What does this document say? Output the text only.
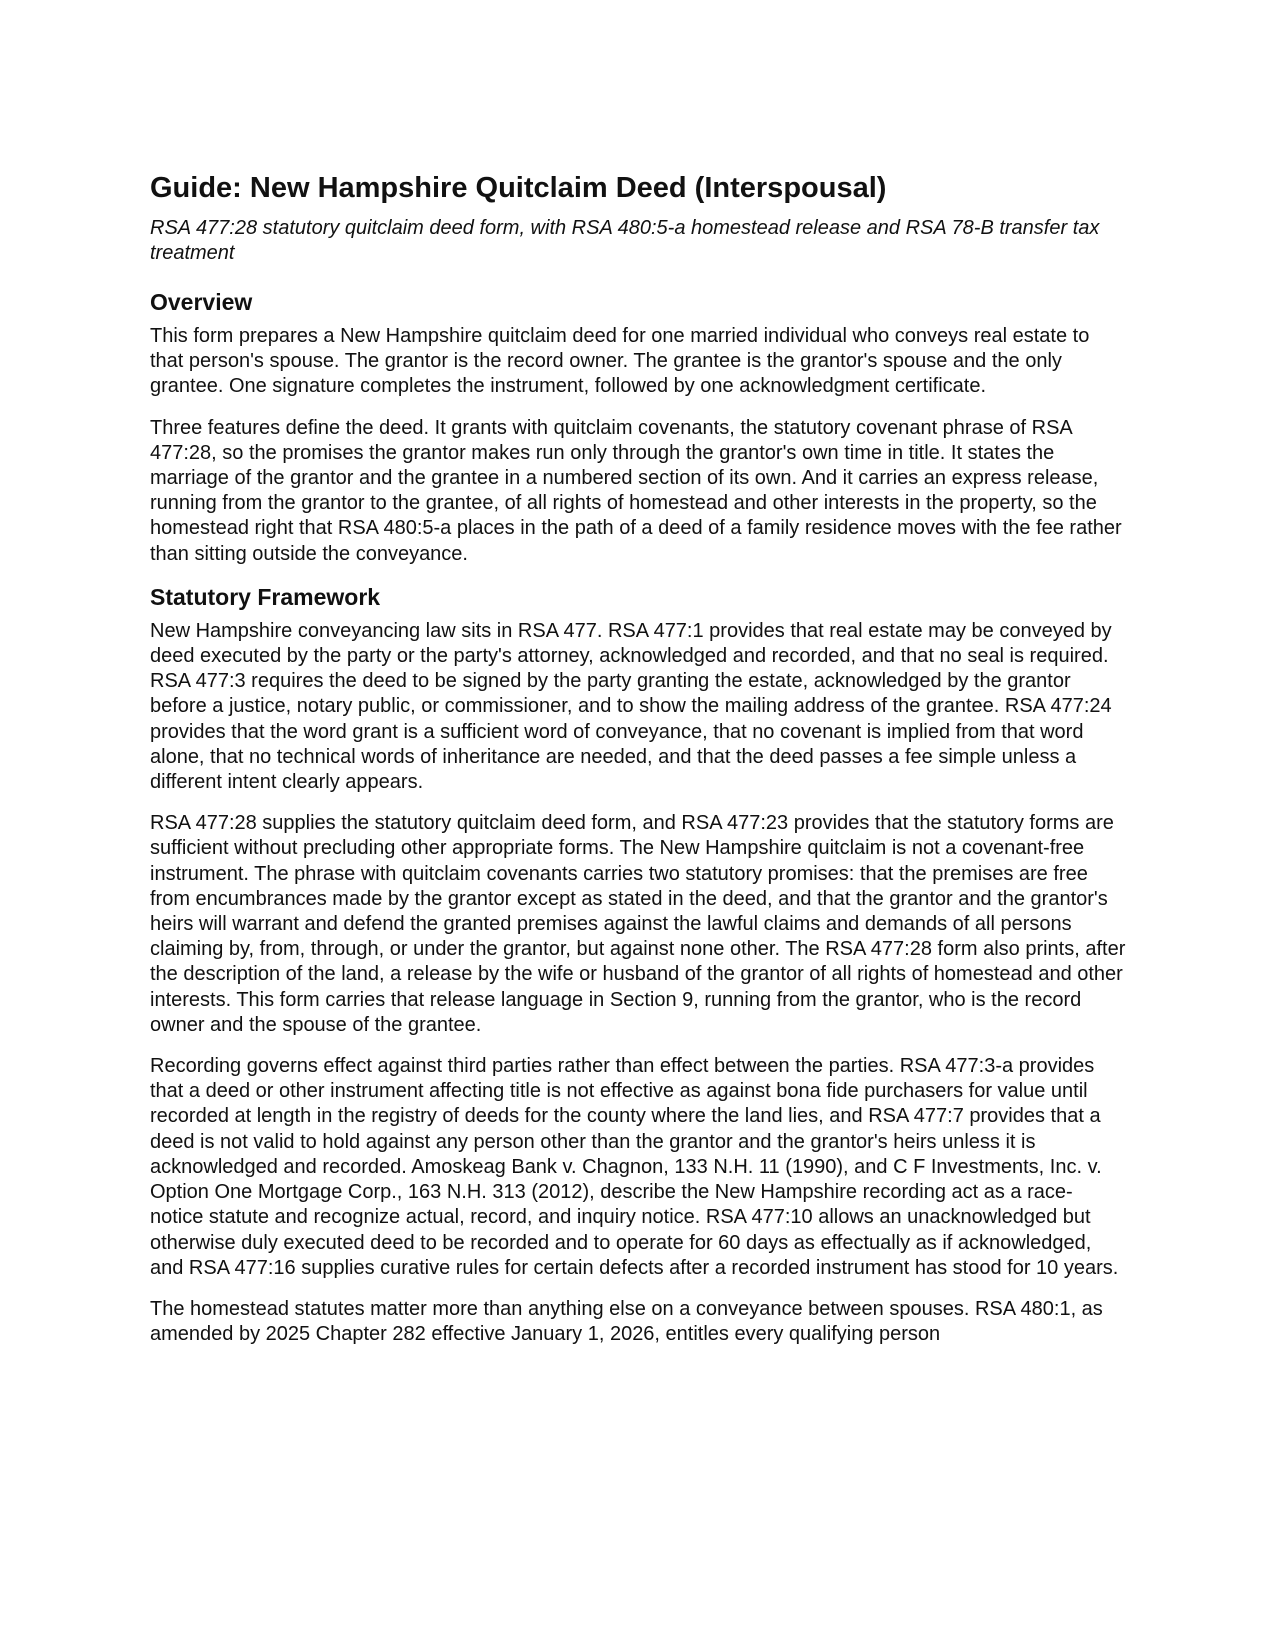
Guide: New Hampshire Quitclaim Deed (Interspousal)

RSA 477:28 statutory quitclaim deed form, with RSA 480:5-a homestead release and RSA 78-B transfer tax treatment

Overview

This form prepares a New Hampshire quitclaim deed for one married individual who conveys real estate to that person's spouse. The grantor is the record owner. The grantee is the grantor's spouse and the only grantee. One signature completes the instrument, followed by one acknowledgment certificate.

Three features define the deed. It grants with quitclaim covenants, the statutory covenant phrase of RSA 477:28, so the promises the grantor makes run only through the grantor's own time in title. It states the marriage of the grantor and the grantee in a numbered section of its own. And it carries an express release, running from the grantor to the grantee, of all rights of homestead and other interests in the property, so the homestead right that RSA 480:5-a places in the path of a deed of a family residence moves with the fee rather than sitting outside the conveyance.

Statutory Framework

New Hampshire conveyancing law sits in RSA 477. RSA 477:1 provides that real estate may be conveyed by deed executed by the party or the party's attorney, acknowledged and recorded, and that no seal is required. RSA 477:3 requires the deed to be signed by the party granting the estate, acknowledged by the grantor before a justice, notary public, or commissioner, and to show the mailing address of the grantee. RSA 477:24 provides that the word grant is a sufficient word of conveyance, that no covenant is implied from that word alone, that no technical words of inheritance are needed, and that the deed passes a fee simple unless a different intent clearly appears.

RSA 477:28 supplies the statutory quitclaim deed form, and RSA 477:23 provides that the statutory forms are sufficient without precluding other appropriate forms. The New Hampshire quitclaim is not a covenant-free instrument. The phrase with quitclaim covenants carries two statutory promises: that the premises are free from encumbrances made by the grantor except as stated in the deed, and that the grantor and the grantor's heirs will warrant and defend the granted premises against the lawful claims and demands of all persons claiming by, from, through, or under the grantor, but against none other. The RSA 477:28 form also prints, after the description of the land, a release by the wife or husband of the grantor of all rights of homestead and other interests. This form carries that release language in Section 9, running from the grantor, who is the record owner and the spouse of the grantee.

Recording governs effect against third parties rather than effect between the parties. RSA 477:3-a provides that a deed or other instrument affecting title is not effective as against bona fide purchasers for value until recorded at length in the registry of deeds for the county where the land lies, and RSA 477:7 provides that a deed is not valid to hold against any person other than the grantor and the grantor's heirs unless it is acknowledged and recorded. Amoskeag Bank v. Chagnon, 133 N.H. 11 (1990), and C F Investments, Inc. v. Option One Mortgage Corp., 163 N.H. 313 (2012), describe the New Hampshire recording act as a race-notice statute and recognize actual, record, and inquiry notice. RSA 477:10 allows an unacknowledged but otherwise duly executed deed to be recorded and to operate for 60 days as effectually as if acknowledged, and RSA 477:16 supplies curative rules for certain defects after a recorded instrument has stood for 10 years.

The homestead statutes matter more than anything else on a conveyance between spouses. RSA 480:1, as amended by 2025 Chapter 282 effective January 1, 2026, entitles every qualifying person
